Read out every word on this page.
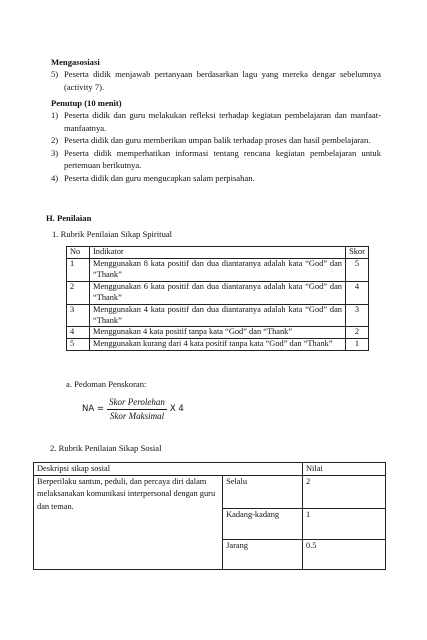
Mengasosiasi
5) Peserta didik menjawab pertanyaan berdasarkan lagu yang mereka dengar sebelumnya (activity 7).
Penutup (10 menit)
1) Peserta didik dan guru melakukan refleksi terhadap kegiatan pembelajaran dan manfaat-manfaatnya.
2) Peserta didik dan guru memberikan umpan balik terhadap proses dan hasil pembelajaran.
3) Peserta didik memperhatikan informasi tentang rencana kegiatan pembelajaran untuk pertemuan berikutnya.
4) Peserta didik dan guru mengucapkan salam perpisahan.
H. Penilaian
1. Rubrik Penilaian Sikap Spiritual
No	Indikator	Skor
1	Menggunakan 8 kata positif dan dua diantaranya adalah kata “God” dan “Thank”	5
2	Menggunakan 6 kata positif dan dua diantaranya adalah kata “God” dan “Thank”	4
3	Menggunakan 4 kata positif dan dua diantaranya adalah kata “God” dan “Thank”	3
4	Menggunakan 4 kata positif tanpa kata “God” dan “Thank”	2
5	Menggunakan kurang dari 4 kata positif tanpa kata “God” dan “Thank”	1
a. Pedoman Penskoran:
NA = $\frac{\text{Skor Perolehan}}{\text{Skor Maksimal}}$ X 4
2. Rubrik Penilaian Sikap Sosial
Deskripsi sikap sosial		Nilai
Berperilaku santun, peduli, dan percaya diri dalam melaksanakan komunikasi interpersonal dengan guru dan teman.	Selalu	2
	Kadang-kadang	1
	Jarang	0.5
